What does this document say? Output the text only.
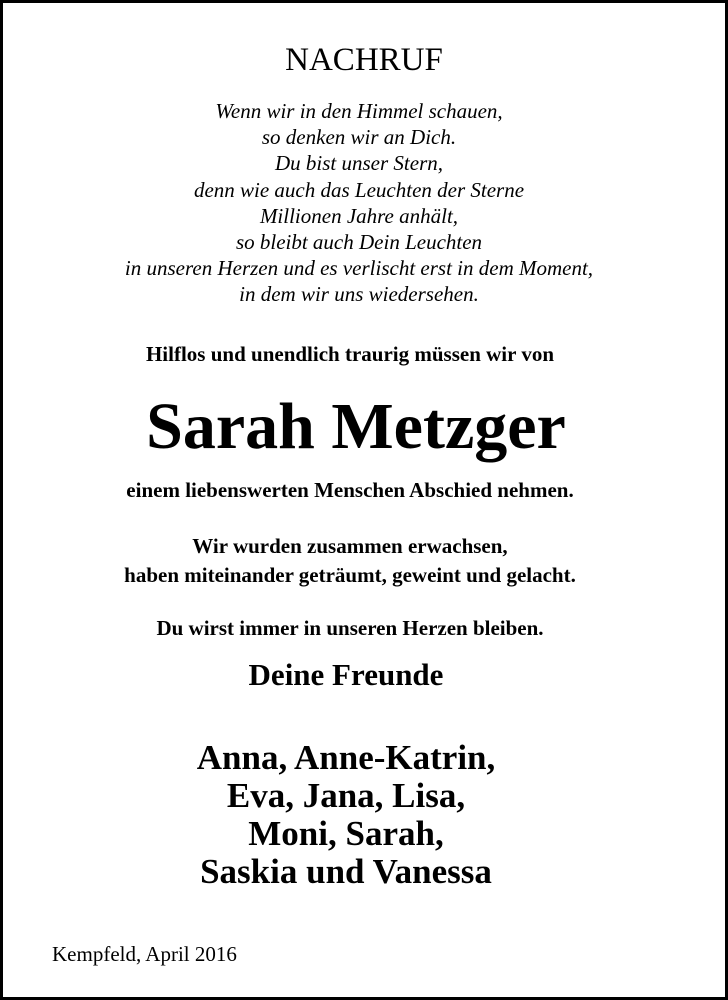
NACHRUF
Wenn wir in den Himmel schauen,
so denken wir an Dich.
Du bist unser Stern,
denn wie auch das Leuchten der Sterne
Millionen Jahre anhält,
so bleibt auch Dein Leuchten
in unseren Herzen und es verlischt erst in dem Moment,
in dem wir uns wiedersehen.
Hilflos und unendlich traurig müssen wir von
Sarah Metzger
einem liebenswerten Menschen Abschied nehmen.
Wir wurden zusammen erwachsen,
haben miteinander geträumt, geweint und gelacht.
Du wirst immer in unseren Herzen bleiben.
Deine Freunde
Anna, Anne-Katrin,
Eva, Jana, Lisa,
Moni, Sarah,
Saskia und Vanessa
Kempfeld, April 2016
